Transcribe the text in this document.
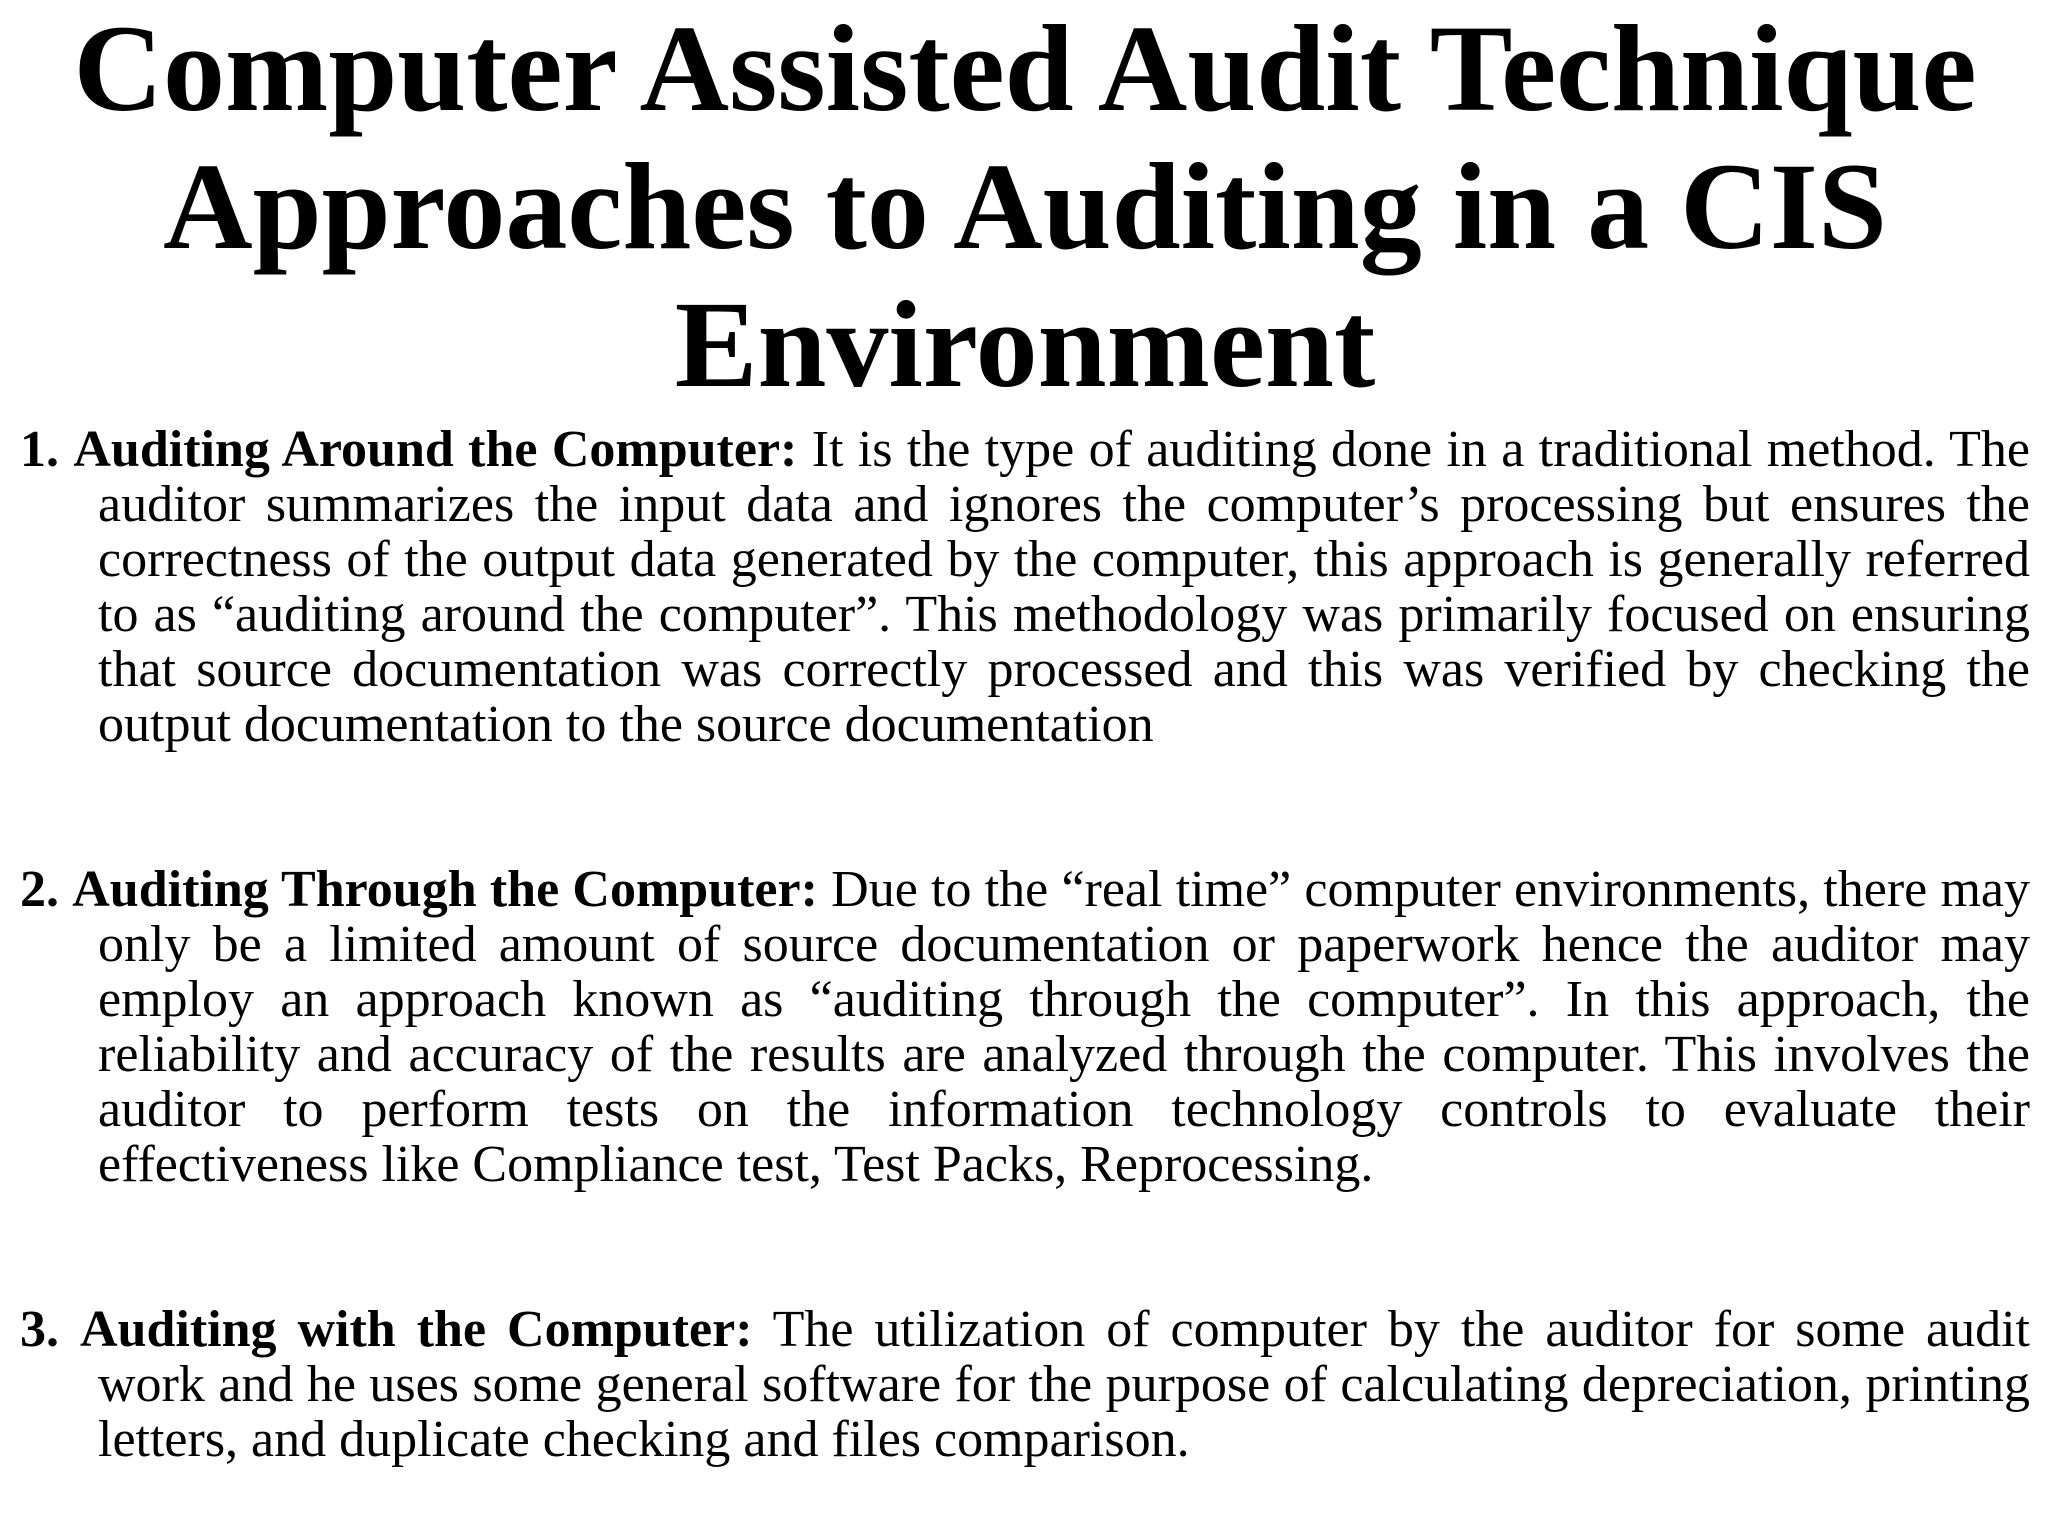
Computer Assisted Audit Technique
Approaches to Auditing in a CIS
Environment

1. Auditing Around the Computer: It is the type of auditing done in a traditional method. The auditor summarizes the input data and ignores the computer’s processing but ensures the correctness of the output data generated by the computer, this approach is generally referred to as “auditing around the computer”. This methodology was primarily focused on ensuring that source documentation was correctly processed and this was verified by checking the output documentation to the source documentation

2. Auditing Through the Computer: Due to the “real time” computer environments, there may only be a limited amount of source documentation or paperwork hence the auditor may employ an approach known as “auditing through the computer”. In this approach, the reliability and accuracy of the results are analyzed through the computer. This involves the auditor to perform tests on the information technology controls to evaluate their effectiveness like Compliance test, Test Packs, Reprocessing.

3. Auditing with the Computer: The utilization of computer by the auditor for some audit work and he uses some general software for the purpose of calculating depreciation, printing letters, and duplicate checking and files comparison.
